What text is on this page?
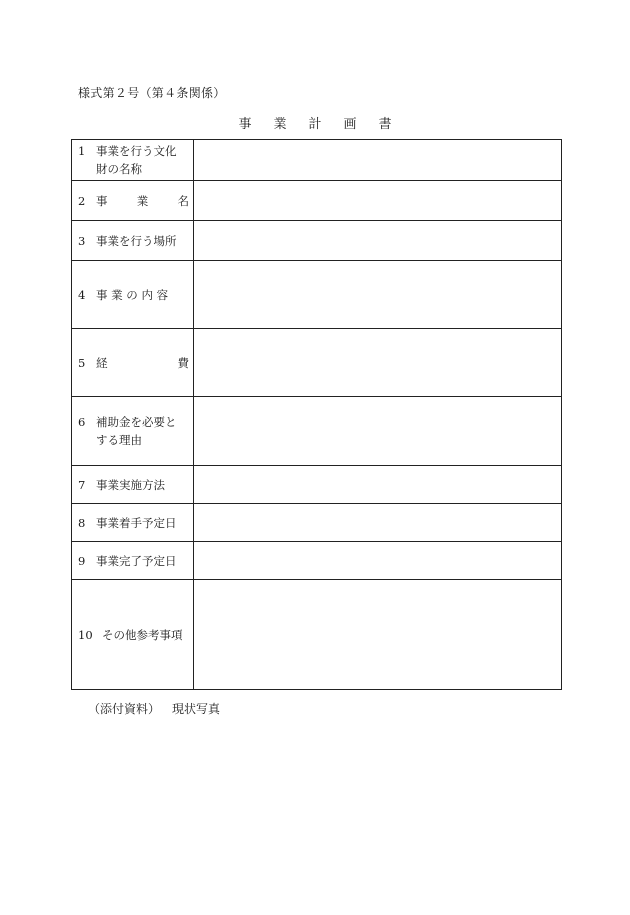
様式第２号（第４条関係）
事 業 計 画 書
1 事業を行う文化
財の名称	

2 事 業 名	

3 事業を行う場所	

4 事 業 の 内 容	

5 経 費	

6 補助金を必要と
する理由	

7 事業実施方法	

8 事業着手予定日	

9 事業完了予定日	

10 その他参考事項	

（添付資料） 現状写真
